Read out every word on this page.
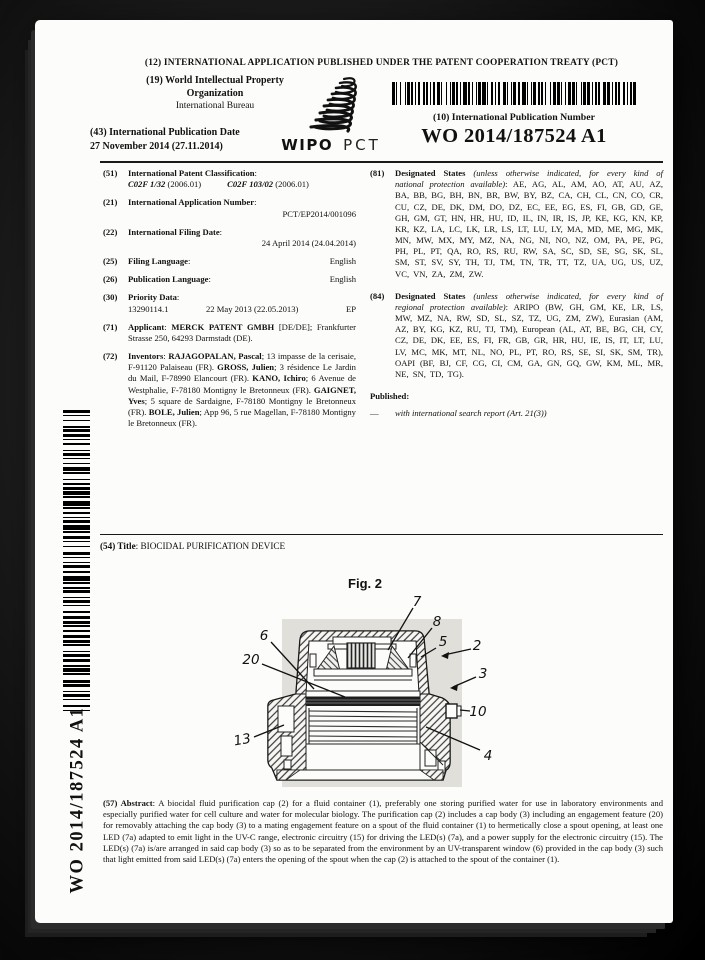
(12) INTERNATIONAL APPLICATION PUBLISHED UNDER THE PATENT COOPERATION TREATY (PCT)
(19) World Intellectual Property
Organization
International Bureau
(43) International Publication Date
27 November 2014 (27.11.2014)	WIPO PCT
(10) International Publication Number
WO 2014/187524 A1
(51)	International Patent Classification:
C02F 1/32 (2006.01)	C02F 103/02 (2006.01)
(21)	International Application Number:
PCT/EP2014/001096
(22)	International Filing Date:
24 April 2014 (24.04.2014)
(25)	Filing Language:	English
(26)	Publication Language:	English
(30)	Priority Data:
13290114.1	22 May 2013 (22.05.2013)	EP
(71)	Applicant: MERCK PATENT GMBH [DE/DE]; Frankfurter Strasse 250, 64293 Darmstadt (DE).
(72)	Inventors: RAJAGOPALAN, Pascal; 13 impasse de la cerisaie, F-91120 Palaiseau (FR). GROSS, Julien; 3 résidence Le Jardin du Mail, F-78990 Elancourt (FR). KANO, Ichiro; 6 Avenue de Westphalie, F-78180 Montigny le Bretonneux (FR). GAIGNET, Yves; 5 square de Sardaigne, F-78180 Montigny le Bretonneux (FR). BOLE, Julien; App 96, 5 rue Magellan, F-78180 Montigny le Bretonneux (FR).
(81)	Designated States (unless otherwise indicated, for every kind of national protection available): AE, AG, AL, AM, AO, AT, AU, AZ, BA, BB, BG, BH, BN, BR, BW, BY, BZ, CA, CH, CL, CN, CO, CR, CU, CZ, DE, DK, DM, DO, DZ, EC, EE, EG, ES, FI, GB, GD, GE, GH, GM, GT, HN, HR, HU, ID, IL, IN, IR, IS, JP, KE, KG, KN, KP, KR, KZ, LA, LC, LK, LR, LS, LT, LU, LY, MA, MD, ME, MG, MK, MN, MW, MX, MY, MZ, NA, NG, NI, NO, NZ, OM, PA, PE, PG, PH, PL, PT, QA, RO, RS, RU, RW, SA, SC, SD, SE, SG, SK, SL, SM, ST, SV, SY, TH, TJ, TM, TN, TR, TT, TZ, UA, UG, US, UZ, VC, VN, ZA, ZM, ZW.
(84)	Designated States (unless otherwise indicated, for every kind of regional protection available): ARIPO (BW, GH, GM, KE, LR, LS, MW, MZ, NA, RW, SD, SL, SZ, TZ, UG, ZM, ZW), Eurasian (AM, AZ, BY, KG, KZ, RU, TJ, TM), European (AL, AT, BE, BG, CH, CY, CZ, DE, DK, EE, ES, FI, FR, GB, GR, HR, HU, IE, IS, IT, LT, LU, LV, MC, MK, MT, NL, NO, PL, PT, RO, RS, SE, SI, SK, SM, TR), OAPI (BF, BJ, CF, CG, CI, CM, GA, GN, GQ, GW, KM, ML, MR, NE, SN, TD, TG).
Published:
—	with international search report (Art. 21(3))
(54) Title: BIOCIDAL PURIFICATION DEVICE
Fig. 2
7
8
5 2
6
20
3
10
13
4
(57) Abstract: A biocidal fluid purification cap (2) for a fluid container (1), preferably one storing purified water for use in laboratory environments and especially purified water for cell culture and water for molecular biology. The purification cap (2) includes a cap body (3) including an engagement feature (20) for removably attaching the cap body (3) to a mating engagement feature on a spout of the fluid container (1) to hermetically close a spout opening, at least one LED (7a) adapted to emit light in the UV-C range, electronic circuitry (15) for driving the LED(s) (7a), and a power supply for the electronic circuitry (15). The LED(s) (7a) is/are arranged in said cap body (3) so as to be separated from the environment by an UV-transparent window (6) provided in the cap body (3) such that light emitted from said LED(s) (7a) enters the opening of the spout when the cap (2) is attached to the spout of the container (1).
WO 2014/187524 A1
